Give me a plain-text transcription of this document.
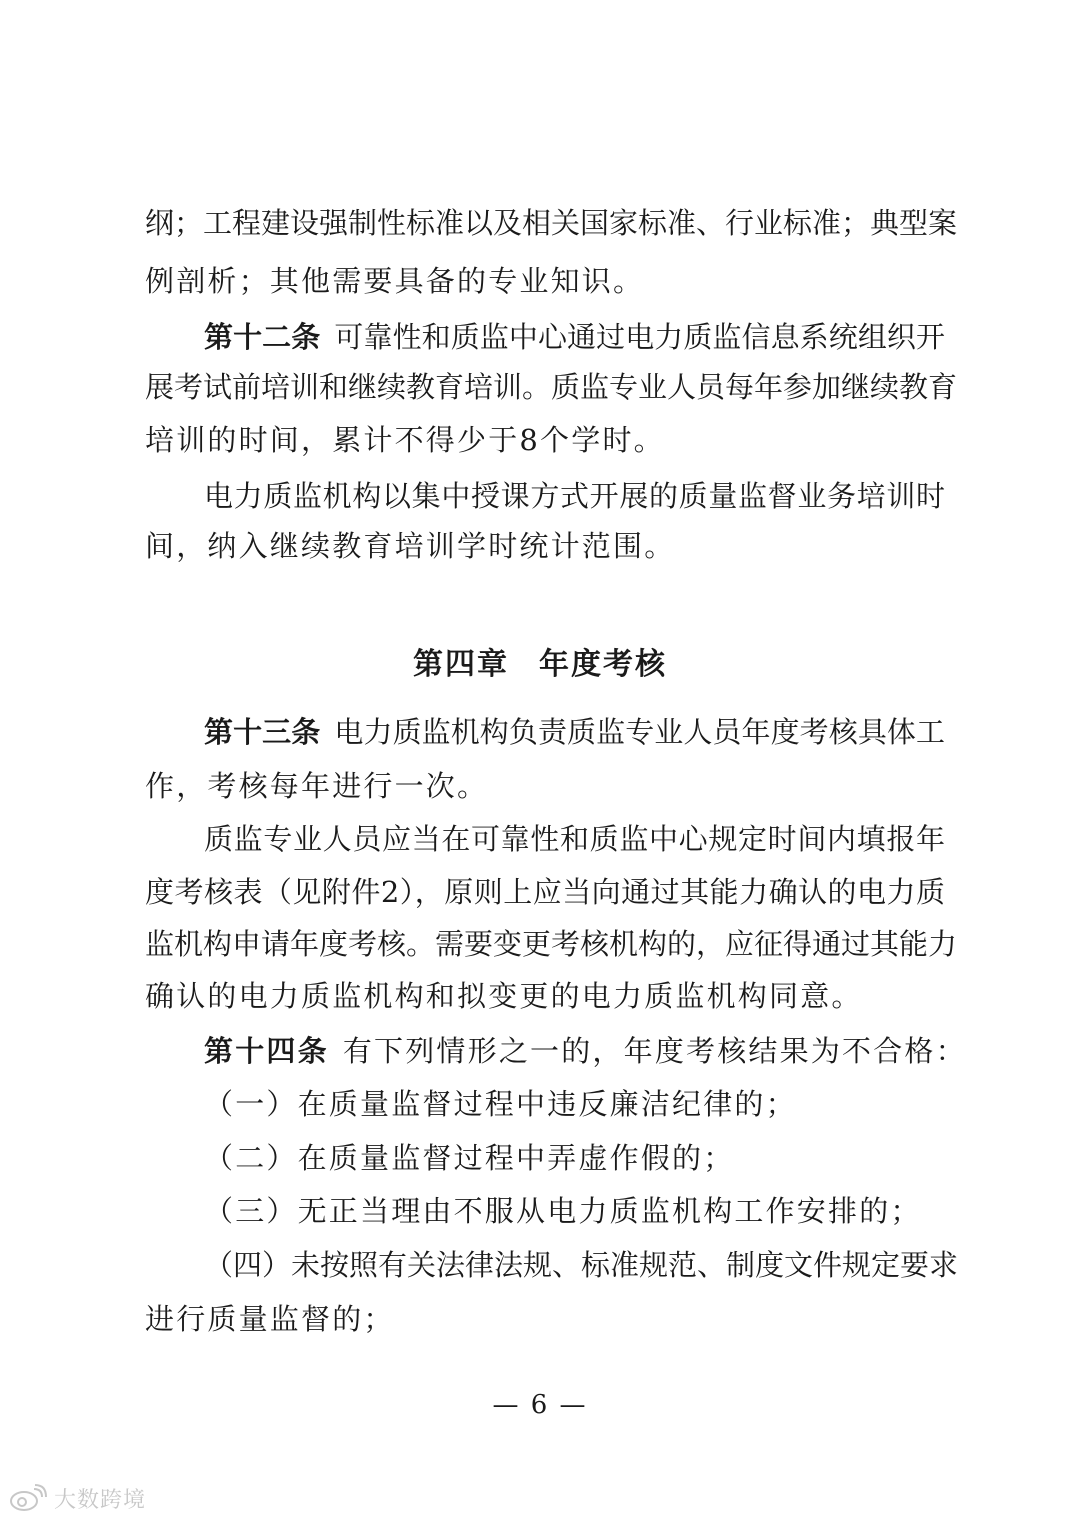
纲；工程建设强制性标准以及相关国家标准、行业标准；典型案
例剖析；其他需要具备的专业知识。
第十二条 可靠性和质监中心通过电力质监信息系统组织开
展考试前培训和继续教育培训。质监专业人员每年参加继续教育
培训的时间，累计不得少于8个学时。
电力质监机构以集中授课方式开展的质量监督业务培训时
间，纳入继续教育培训学时统计范围。
第四章 年度考核
第十三条 电力质监机构负责质监专业人员年度考核具体工
作，考核每年进行一次。
质监专业人员应当在可靠性和质监中心规定时间内填报年
度考核表（见附件2），原则上应当向通过其能力确认的电力质
监机构申请年度考核。需要变更考核机构的，应征得通过其能力
确认的电力质监机构和拟变更的电力质监机构同意。
第十四条 有下列情形之一的，年度考核结果为不合格：
（一）在质量监督过程中违反廉洁纪律的；
（二）在质量监督过程中弄虚作假的；
（三）无正当理由不服从电力质监机构工作安排的；
（四）未按照有关法律法规、标准规范、制度文件规定要求
进行质量监督的；
— 6 —
大数跨境
